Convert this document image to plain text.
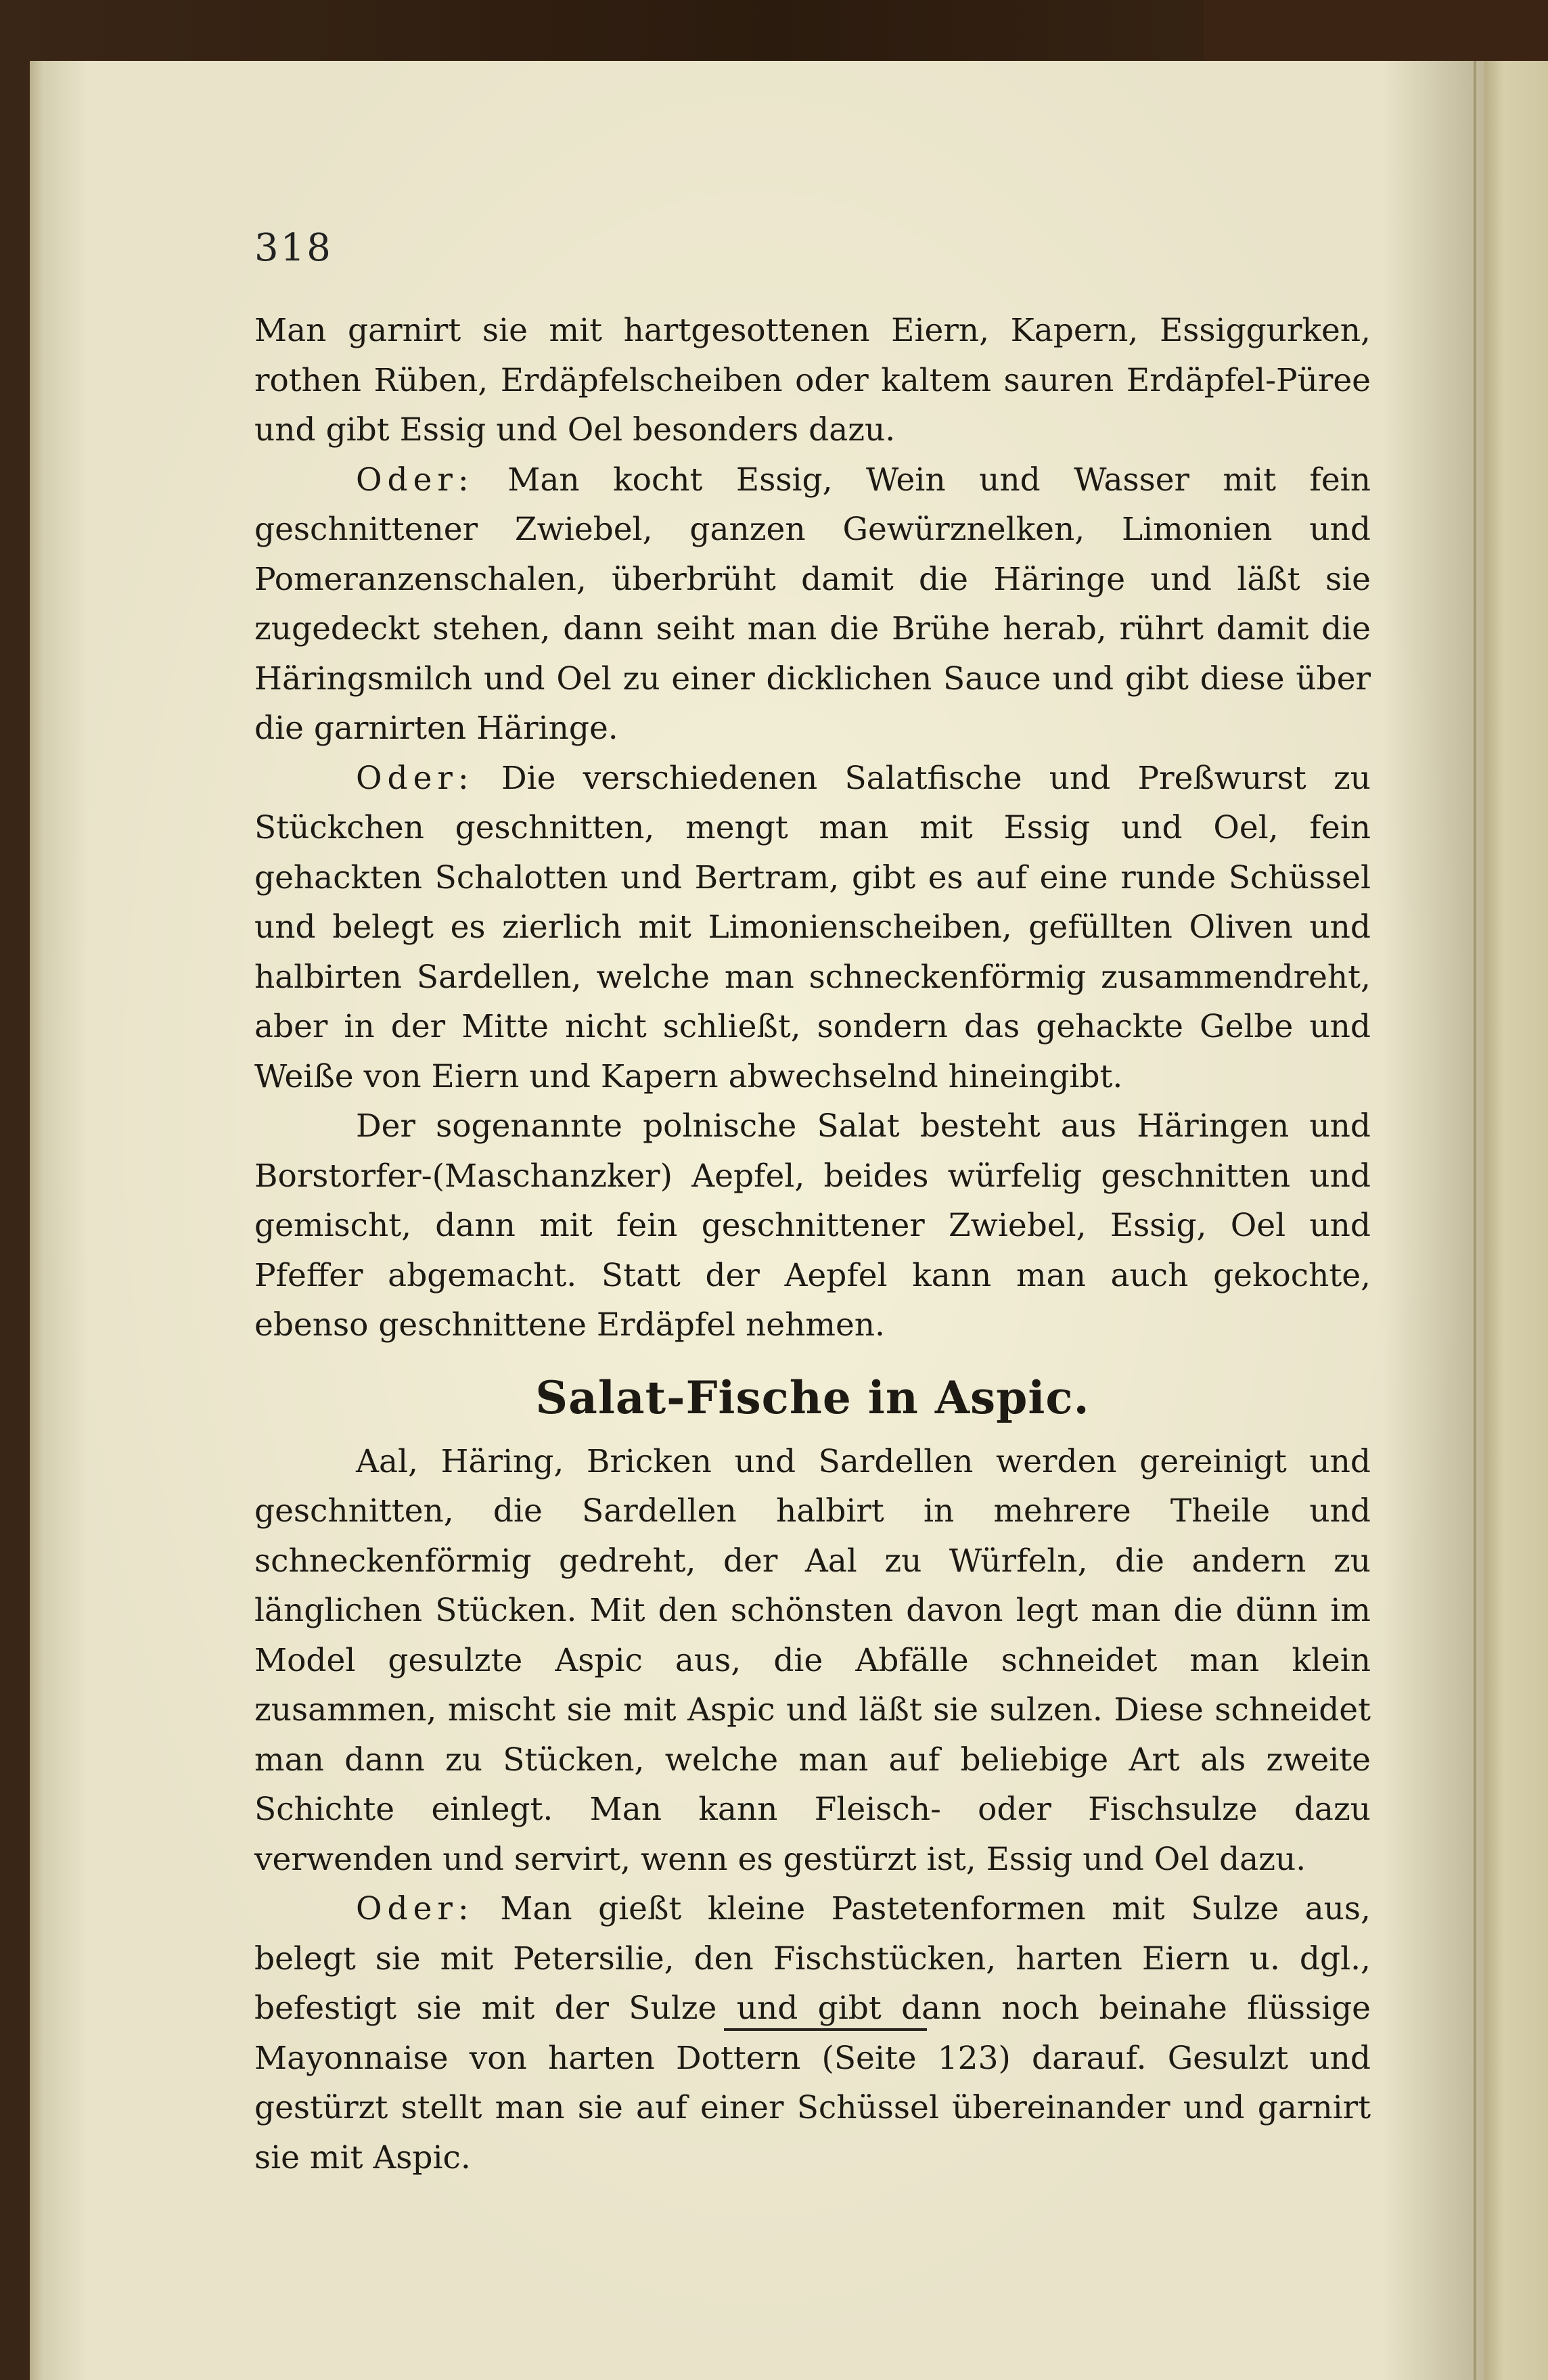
318

Man garnirt sie mit hartgesottenen Eiern, Kapern, Essiggurken, rothen Rüben, Erdäpfelscheiben oder kaltem sauren Erdäpfel-Püree und gibt Essig und Oel besonders dazu.

Oder: Man kocht Essig, Wein und Wasser mit fein geschnittener Zwiebel, ganzen Gewürznelken, Limonien und Pomeranzenschalen, überbrüht damit die Häringe und läßt sie zugedeckt stehen, dann seiht man die Brühe herab, rührt damit die Häringsmilch und Oel zu einer dicklichen Sauce und gibt diese über die garnirten Häringe.

Oder: Die verschiedenen Salatfische und Preßwurst zu Stückchen geschnitten, mengt man mit Essig und Oel, fein gehackten Schalotten und Bertram, gibt es auf eine runde Schüssel und belegt es zierlich mit Limonienscheiben, gefüllten Oliven und halbirten Sardellen, welche man schneckenförmig zusammendreht, aber in der Mitte nicht schließt, sondern das gehackte Gelbe und Weiße von Eiern und Kapern abwechselnd hineingibt.

Der sogenannte polnische Salat besteht aus Häringen und Borstorfer-(Maschanzker) Aepfel, beides würfelig geschnitten und gemischt, dann mit fein geschnittener Zwiebel, Essig, Oel und Pfeffer abgemacht. Statt der Aepfel kann man auch gekochte, ebenso geschnittene Erdäpfel nehmen.

Salat-Fische in Aspic.

Aal, Häring, Bricken und Sardellen werden gereinigt und geschnitten, die Sardellen halbirt in mehrere Theile und schneckenförmig gedreht, der Aal zu Würfeln, die andern zu länglichen Stücken. Mit den schönsten davon legt man die dünn im Model gesulzte Aspic aus, die Abfälle schneidet man klein zusammen, mischt sie mit Aspic und läßt sie sulzen. Diese schneidet man dann zu Stücken, welche man auf beliebige Art als zweite Schichte einlegt. Man kann Fleisch- oder Fischsulze dazu verwenden und servirt, wenn es gestürzt ist, Essig und Oel dazu.

Oder: Man gießt kleine Pastetenformen mit Sulze aus, belegt sie mit Petersilie, den Fischstücken, harten Eiern u. dgl., befestigt sie mit der Sulze und gibt dann noch beinahe flüssige Mayonnaise von harten Dottern (Seite 123) darauf. Gesulzt und gestürzt stellt man sie auf einer Schüssel übereinander und garnirt sie mit Aspic.
